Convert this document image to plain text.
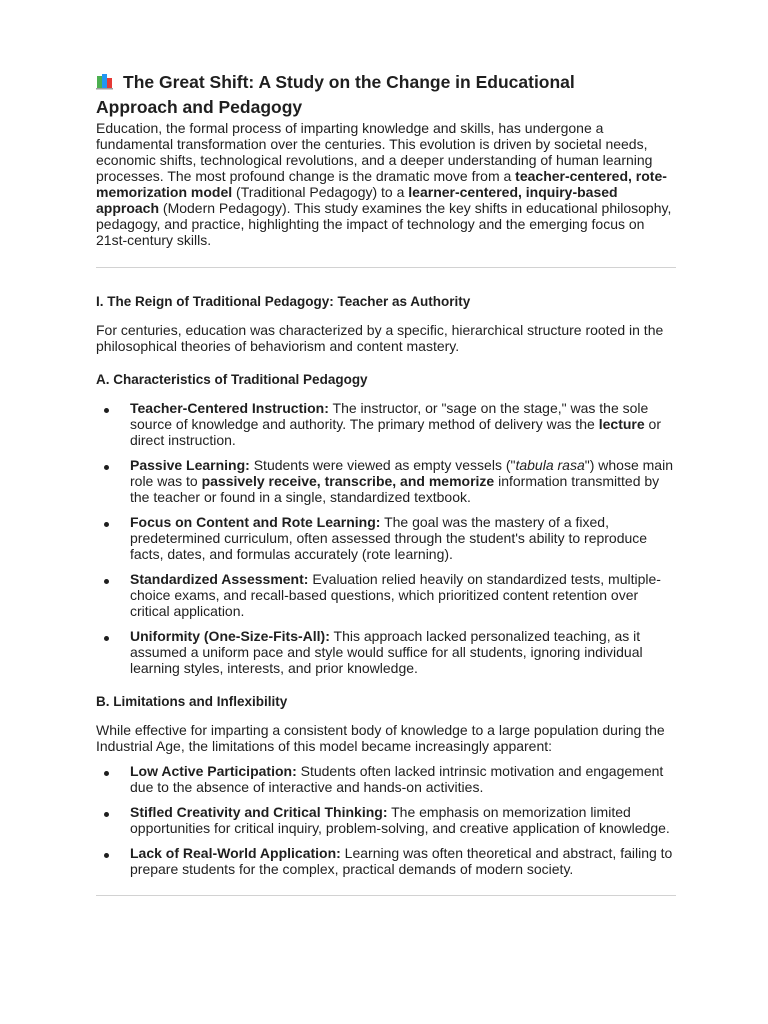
The Great Shift: A Study on the Change in Educational
Approach and Pedagogy

Education, the formal process of imparting knowledge and skills, has undergone a fundamental transformation over the centuries. This evolution is driven by societal needs, economic shifts, technological revolutions, and a deeper understanding of human learning processes. The most profound change is the dramatic move from a teacher-centered, rote-memorization model (Traditional Pedagogy) to a learner-centered, inquiry-based approach (Modern Pedagogy). This study examines the key shifts in educational philosophy, pedagogy, and practice, highlighting the impact of technology and the emerging focus on 21st-century skills.

I. The Reign of Traditional Pedagogy: Teacher as Authority

For centuries, education was characterized by a specific, hierarchical structure rooted in the philosophical theories of behaviorism and content mastery.

A. Characteristics of Traditional Pedagogy
Teacher-Centered Instruction: The instructor, or "sage on the stage," was the sole source of knowledge and authority. The primary method of delivery was the lecture or direct instruction.
Passive Learning: Students were viewed as empty vessels ("tabula rasa") whose main role was to passively receive, transcribe, and memorize information transmitted by the teacher or found in a single, standardized textbook.
Focus on Content and Rote Learning: The goal was the mastery of a fixed, predetermined curriculum, often assessed through the student's ability to reproduce facts, dates, and formulas accurately (rote learning).
Standardized Assessment: Evaluation relied heavily on standardized tests, multiple-choice exams, and recall-based questions, which prioritized content retention over critical application.
Uniformity (One-Size-Fits-All): This approach lacked personalized teaching, as it assumed a uniform pace and style would suffice for all students, ignoring individual learning styles, interests, and prior knowledge.
B. Limitations and Inflexibility

While effective for imparting a consistent body of knowledge to a large population during the Industrial Age, the limitations of this model became increasingly apparent:

Low Active Participation: Students often lacked intrinsic motivation and engagement due to the absence of interactive and hands-on activities.
Stifled Creativity and Critical Thinking: The emphasis on memorization limited opportunities for critical inquiry, problem-solving, and creative application of knowledge.
Lack of Real-World Application: Learning was often theoretical and abstract, failing to prepare students for the complex, practical demands of modern society.
